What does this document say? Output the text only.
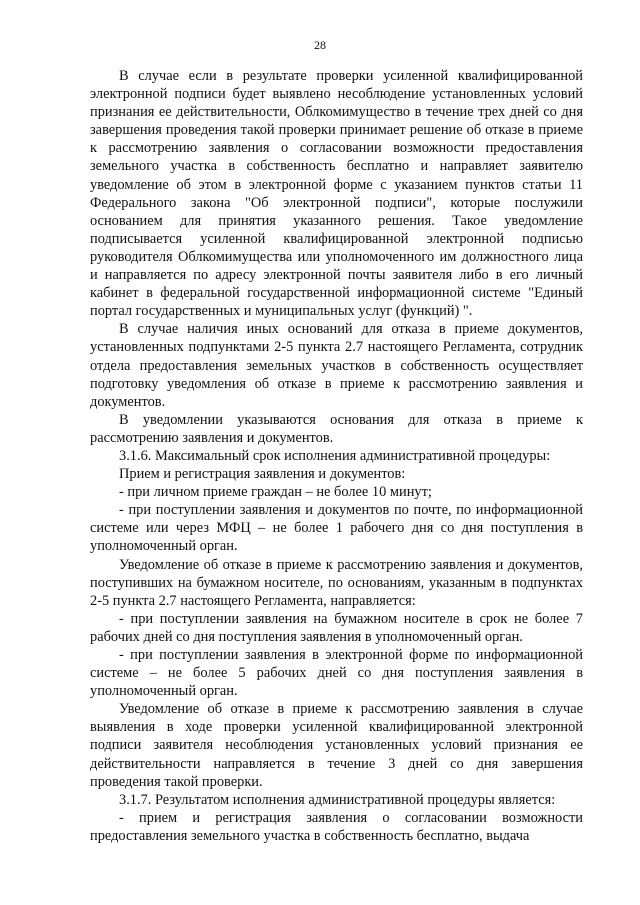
28

В случае если в результате проверки усиленной квалифицированной электронной подписи будет выявлено несоблюдение установленных условий признания ее действительности, Облкомимущество в течение трех дней со дня завершения проведения такой проверки принимает решение об отказе в приеме к рассмотрению заявления о согласовании возможности предоставления земельного участка в собственность бесплатно и направляет заявителю уведомление об этом в электронной форме с указанием пунктов статьи 11 Федерального закона "Об электронной подписи", которые послужили основанием для принятия указанного решения. Такое уведомление подписывается усиленной квалифицированной электронной подписью руководителя Облкомимущества или уполномоченного им должностного лица и направляется по адресу электронной почты заявителя либо в его личный кабинет в федеральной государственной информационной системе "Единый портал государственных и муниципальных услуг (функций) ".

В случае наличия иных оснований для отказа в приеме документов, установленных подпунктами 2-5 пункта 2.7 настоящего Регламента, сотрудник отдела предоставления земельных участков в собственность осуществляет подготовку уведомления об отказе в приеме к рассмотрению заявления и документов.

В уведомлении указываются основания для отказа в приеме к рассмотрению заявления и документов.

3.1.6. Максимальный срок исполнения административной процедуры:

Прием и регистрация заявления и документов:

- при личном приеме граждан – не более 10 минут;

- при поступлении заявления и документов по почте, по информационной системе или через МФЦ – не более 1 рабочего дня со дня поступления в уполномоченный орган.

Уведомление об отказе в приеме к рассмотрению заявления и документов, поступивших на бумажном носителе, по основаниям, указанным в подпунктах 2-5 пункта 2.7 настоящего Регламента, направляется:

- при поступлении заявления на бумажном носителе в срок не более 7 рабочих дней со дня поступления заявления в уполномоченный орган.

- при поступлении заявления в электронной форме по информационной системе – не более 5 рабочих дней со дня поступления заявления в уполномоченный орган.

Уведомление об отказе в приеме к рассмотрению заявления в случае выявления в ходе проверки усиленной квалифицированной электронной подписи заявителя несоблюдения установленных условий признания ее действительности направляется в течение 3 дней со дня завершения проведения такой проверки.

3.1.7. Результатом исполнения административной процедуры является:

- прием и регистрация заявления о согласовании возможности предоставления земельного участка в собственность бесплатно, выдача
